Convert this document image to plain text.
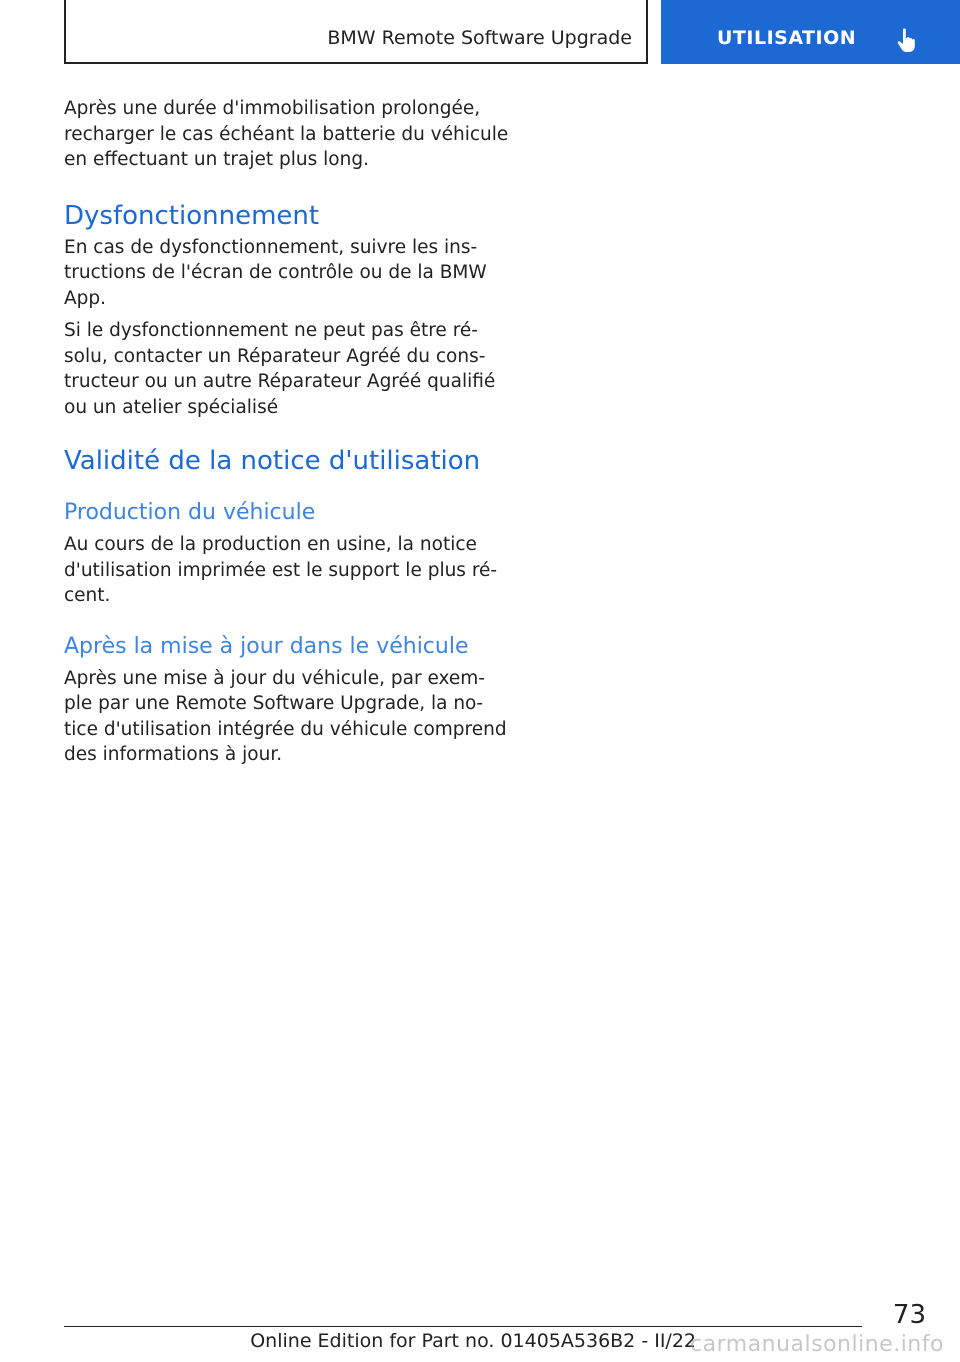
BMW Remote Software Upgrade	UTILISATION

Après une durée d'immobilisation prolongée,
recharger le cas échéant la batterie du véhicule
en effectuant un trajet plus long.

Dysfonctionnement

En cas de dysfonctionnement, suivre les ins‐
tructions de l'écran de contrôle ou de la BMW
App.

Si le dysfonctionnement ne peut pas être ré‐
solu, contacter un Réparateur Agréé du cons‐
tructeur ou un autre Réparateur Agréé qualifié
ou un atelier spécialisé

Validité de la notice d'utilisation
Production du véhicule

Au cours de la production en usine, la notice
d'utilisation imprimée est le support le plus ré‐
cent.

Après la mise à jour dans le véhicule

Après une mise à jour du véhicule, par exem‐
ple par une Remote Software Upgrade, la no‐
tice d'utilisation intégrée du véhicule comprend
des informations à jour.

73
Online Edition for Part no. 01405A536B2 - II/22
carmanualsonline.info
